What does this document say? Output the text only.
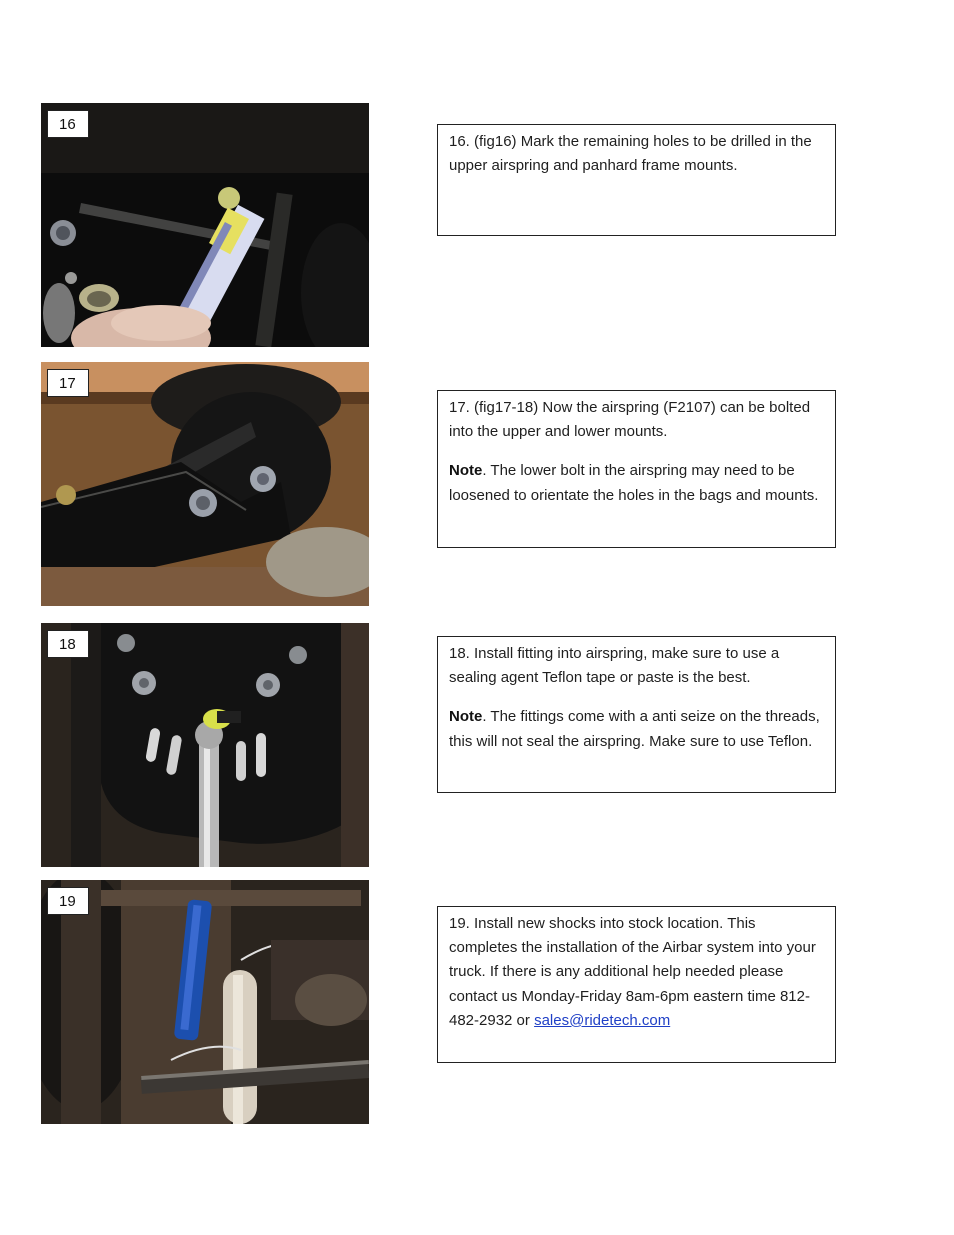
16

16. (fig16) Mark the remaining holes to be drilled in the upper airspring and panhard frame mounts.

17

17. (fig17-18) Now the airspring (F2107) can be bolted into the upper and lower mounts.

Note. The lower bolt in the airspring may need to be loosened to orientate the holes in the bags and mounts.

18

18. Install fitting into airspring, make sure to use a sealing agent Teflon tape or paste is the best.

Note. The fittings come with a anti seize on the threads, this will not seal the airspring. Make sure to use Teflon.

19

19. Install new shocks into stock location. This completes the installation of the Airbar system into your truck. If there is any additional help needed please contact us Monday-Friday 8am-6pm eastern time 812-482-2932 or sales@ridetech.com
